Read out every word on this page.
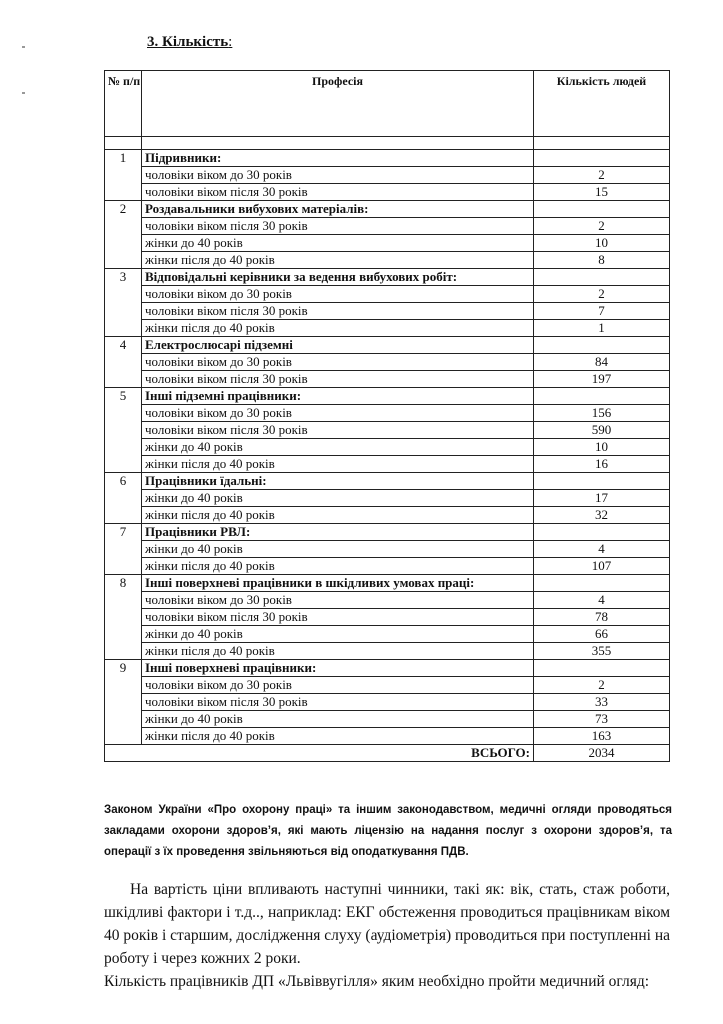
3. Кількість:
№ п/п	Професія	Кількість людей

1	Підривники:	
	чоловіки віком до 30 років	2
	чоловіки віком після 30 років	15
2	Роздавальники вибухових матеріалів:	
	чоловіки віком після 30 років	2
	жінки до 40 років	10
	жінки після до 40 років	8
3	Відповідальні керівники за ведення вибухових робіт:	
	чоловіки віком до 30 років	2
	чоловіки віком після 30 років	7
	жінки після до 40 років	1
4	Електрослюсарі підземні	
	чоловіки віком до 30 років	84
	чоловіки віком після 30 років	197
5	Інші підземні працівники:	
	чоловіки віком до 30 років	156
	чоловіки віком після 30 років	590
	жінки до 40 років	10
	жінки після до 40 років	16
6	Працівники їдальні:	
	жінки до 40 років	17
	жінки після до 40 років	32
7	Працівники РВЛ:	
	жінки до 40 років	4
	жінки після до 40 років	107
8	Інші поверхневі працівники в шкідливих умовах праці:	
	чоловіки віком до 30 років	4
	чоловіки віком після 30 років	78
	жінки до 40 років	66
	жінки після до 40 років	355
9	Інші поверхневі працівники:	
	чоловіки віком до 30 років	2
	чоловіки віком після 30 років	33
	жінки до 40 років	73
	жінки після до 40 років	163
ВСЬОГО:		2034
Законом України «Про охорону праці» та іншим законодавством, медичні огляди проводяться закладами охорони здоров’я, які мають ліцензію на надання послуг з охорони здоров’я, та операції з їх проведення звільняються від оподаткування ПДВ.

На вартість ціни впливають наступні чинники, такі як: вік, стать, стаж роботи, шкідливі фактори і т.д.., наприклад: ЕКГ обстеження проводиться працівникам віком 40 років і старшим, дослідження слуху (аудіометрія) проводиться при поступленні на роботу і через кожних 2 роки.

Кількість працівників ДП «Львіввугілля» яким необхідно пройти медичний огляд:
